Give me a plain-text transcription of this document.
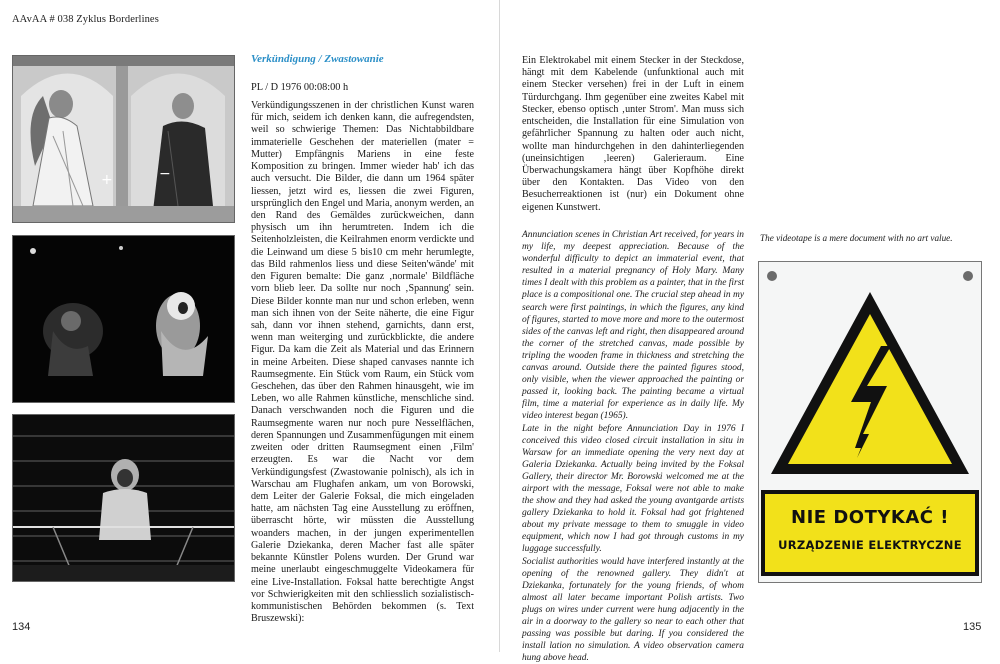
AAvAA # 038 Zyklus Borderlines
+	−
Verkündigung / Zwastowanie
PL / D 1976 00:08:00 h

Verkündigungsszenen in der christlichen Kunst waren für mich, seidem ich denken kann, die aufregendsten, weil so schwierige Themen: Das Nichtabbildbare immaterielle Geschehen der materiellen (mater = Mutter) Empfängnis Mariens in eine feste Komposition zu bringen. Immer wieder hab' ich das auch versucht. Die Bilder, die dann um 1964 später liessen, jetzt wird es, liessen die zwei Figuren, ursprünglich den Engel und Maria, anonym werden, an den Rand des Gemäldes zurückweichen, dann physisch um ihn herumtreten. Indem ich die Seitenholzleisten, die Keilrahmen enorm verdickte und die Leinwand um diese 5 bis10 cm mehr herumlegte, das Bild rahmenlos liess und diese Seiten'wände' mit den Figuren bemalte: Die ganz ‚normale' Bildfläche vorn blieb leer. Da sollte nur noch ‚Spannung' sein. Diese Bilder konnte man nur und schon erleben, wenn man sich ihnen von der Seite näherte, die eine Figur sah, dann vor ihnen stehend, garnichts, dann erst, wenn man weiterging und zurückblickte, die andere Figur. Da kam die Zeit als Material und das Erinnern in meine Arbeiten. Diese shaped canvases nannte ich Raumsegmente. Ein Stück vom Raum, ein Stück vom Geschehen, das über den Rahmen hinausgeht, wie im Leben, wo alle Rahmen künstliche, menschliche sind. Danach verschwanden noch die Figuren und die Raumsegmente waren nur noch pure Nesselflächen, deren Spannungen und Zusammenfügungen mit einem zweiten oder dritten Raumsegment einen ‚Film' erzeugten. Es war die Nacht vor dem Verkündigungsfest (Zwastowanie polnisch), als ich in Warschau am Flughafen ankam, um von Borowski, dem Leiter der Galerie Foksal, die mich eingeladen hatte, am nächsten Tag eine Ausstellung zu eröffnen, überrascht hörte, wir müssten die Ausstellung woanders machen, in der jungen experimentellen Galerie Dziekanka, deren Macher fast alle später bekannte Künstler Polens wurden. Der Grund war meine unerlaubt eingeschmuggelte Videokamera für eine Live-Installation. Foksal hatte berechtigte Angst vor Schwierigkeiten mit den schliesslich sozialistisch-kommunistischen Behörden bekommen (s. Text Bruszewski):

Ein Elektrokabel mit einem Stecker in der Steckdose, hängt mit dem Kabelende (unfunktional auch mit einem Stecker versehen) frei in der Luft in einem Türdurchgang. Ihm gegenüber eine zweites Kabel mit Stecker, ebenso optisch ‚unter Strom'. Man muss sich entscheiden, die Installation für eine Simulation von gefährlicher Spannung zu halten oder auch nicht, wollte man hindurchgehen in den dahinterliegenden (uneinsichtigen ‚leeren) Galerieraum. Eine Überwachungskamera hängt über Kopfhöhe direkt über den Kontakten. Das Video von den Besucherreaktionen ist (nur) ein Dokument ohne eigenen Kunstwert.

Annunciation scenes in Christian Art received, for years in my life, my deepest appreciation. Because of the wonderful difficulty to depict an immaterial event, that resulted in a material pregnancy of Holy Mary. Many times I dealt with this problem as a painter, that in the first place is a compositional one. The crucial step ahead in my search were first paintings, in which the figures, any kind of figures, started to move more and more to the outermost sides of the canvas left and right, then disappeared around the corner of the stretched canvas, made possible by tripling the wooden frame in thickness and stretching the canvas around. Outside there the painted figures stood, only visible, when the viewer approached the painting or passed it, looking back. The painting became a virtual film, time a material for experience as in daily life. My video interest began (1965).

Late in the night before Annunciation Day in 1976 I conceived this video closed circuit installation in situ in Warsaw for an immediate opening the very next day at Galeria Dziekanka. Actually being invited by the Foksal Gallery, their director Mr. Borowski welcomed me at the airport with the message, Foksal were not able to make the show and they had asked the young avantgarde artists gallery Dziekanka to hold it. Foksal had got frightened about my private message to them to smuggle in video equipment, which now I had got through customs in my luggage successfully.

Socialist authorities would have interfered instantly at the opening of the renowned gallery. They didn't at Dziekanka, fortunately for the young friends, of whom almost all later became important Polish artists. Two plugs on wires under current were hung adjacently in the air in a doorway to the gallery so near to each other that passing was possible but daring. If you considered the install lation no simulation. A video observation camera hung above head.

The videotape is a mere document with no art value.
NIE DOTYKAĆ !
URZĄDZENIE ELEKTRYCZNE
134	135
